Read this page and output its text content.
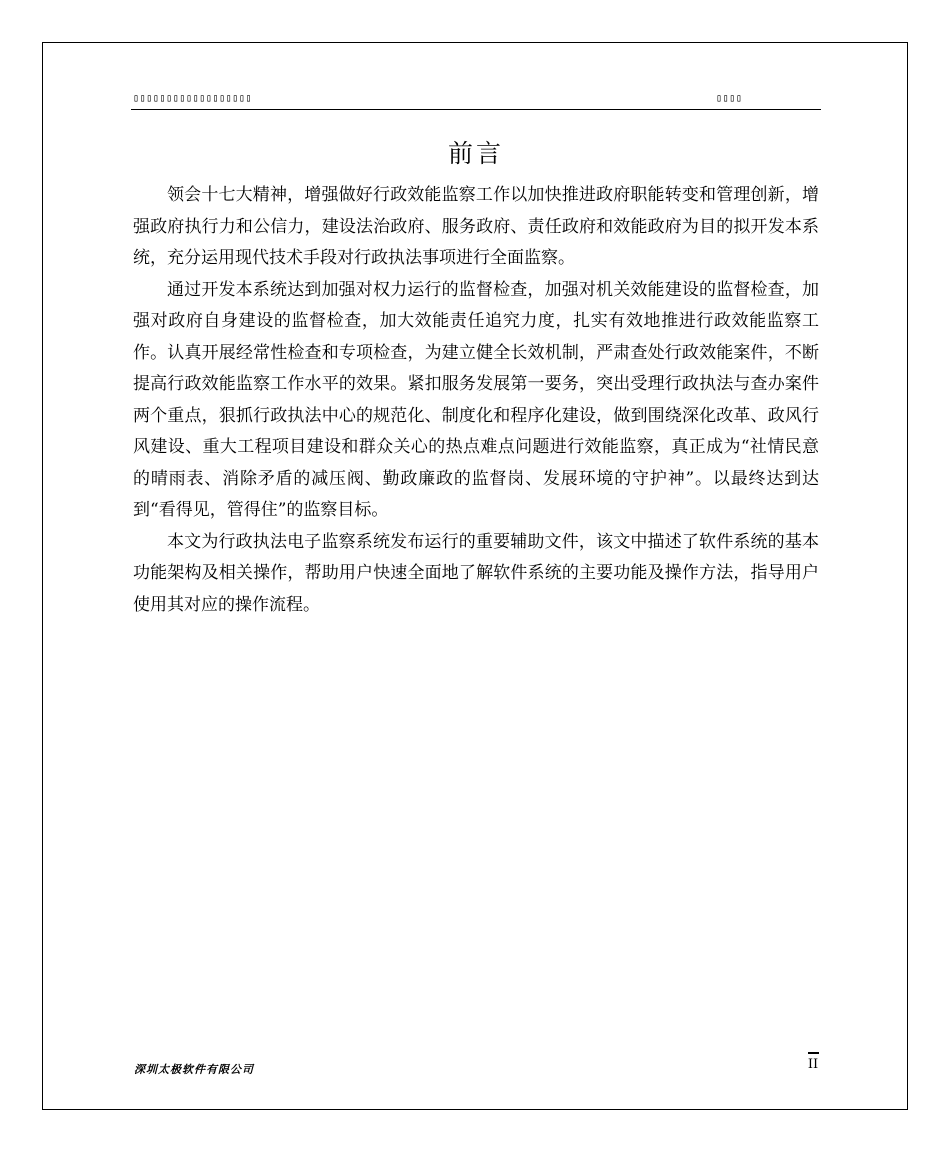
▯▯▯▯▯▯▯▯▯▯▯▯▯▯▯▯▯▯	▯▯▯▯
前言

领会十七大精神，增强做好行政效能监察工作以加快推进政府职能转变和管理创新，增强政府执行力和公信力，建设法治政府、服务政府、责任政府和效能政府为目的拟开发本系统，充分运用现代技术手段对行政执法事项进行全面监察。

通过开发本系统达到加强对权力运行的监督检查，加强对机关效能建设的监督检查，加强对政府自身建设的监督检查，加大效能责任追究力度，扎实有效地推进行政效能监察工作。认真开展经常性检查和专项检查，为建立健全长效机制，严肃查处行政效能案件，不断提高行政效能监察工作水平的效果。紧扣服务发展第一要务，突出受理行政执法与查办案件两个重点，狠抓行政执法中心的规范化、制度化和程序化建设，做到围绕深化改革、政风行风建设、重大工程项目建设和群众关心的热点难点问题进行效能监察，真正成为“社情民意的晴雨表、消除矛盾的减压阀、勤政廉政的监督岗、发展环境的守护神”。以最终达到达到“看得见，管得住”的监察目标。

本文为行政执法电子监察系统发布运行的重要辅助文件，该文中描述了软件系统的基本功能架构及相关操作，帮助用户快速全面地了解软件系统的主要功能及操作方法，指导用户使用其对应的操作流程。

深圳太极软件有限公司	II
